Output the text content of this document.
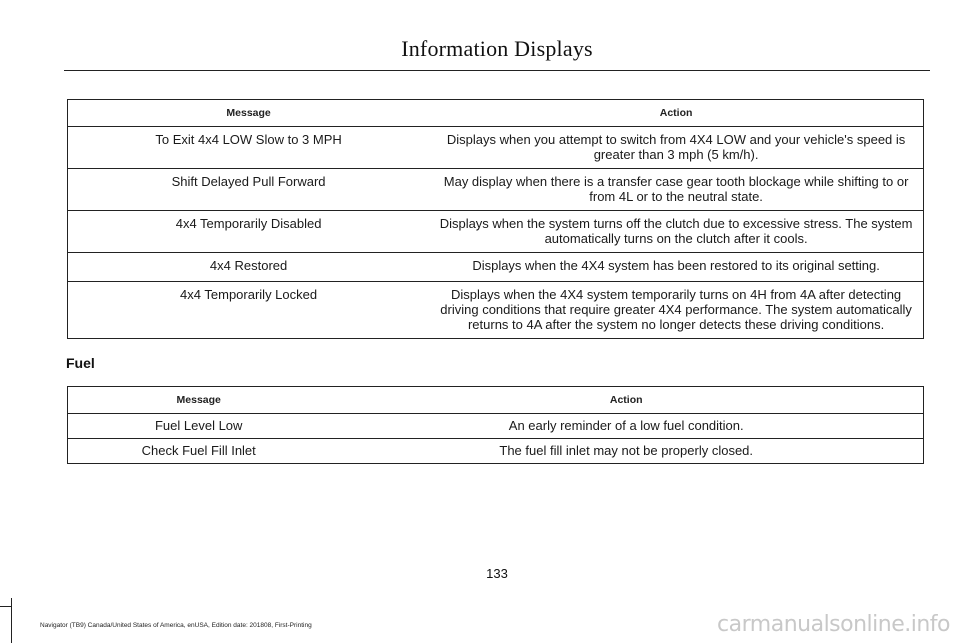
Information Displays
Message	Action

To Exit 4x4 LOW Slow to 3 MPH	Displays when you attempt to switch from 4X4 LOW and your vehicle's speed is greater than 3 mph (5 km/h).

Shift Delayed Pull Forward	May display when there is a transfer case gear tooth blockage while shifting to or from 4L or to the neutral state.

4x4 Temporarily Disabled	Displays when the system turns off the clutch due to excessive stress. The system automatically turns on the clutch after it cools.

4x4 Restored	Displays when the 4X4 system has been restored to its original setting.

4x4 Temporarily Locked	Displays when the 4X4 system temporarily turns on 4H from 4A after detecting driving conditions that require greater 4X4 performance. The system automatically returns to 4A after the system no longer detects these driving conditions.
Fuel
Message	Action
Fuel Level Low	An early reminder of a low fuel condition.
Check Fuel Fill Inlet	The fuel fill inlet may not be properly closed.
133
Navigator (TB9) Canada/United States of America, enUSA, Edition date: 201808, First-Printing	carmanualsonline.info
